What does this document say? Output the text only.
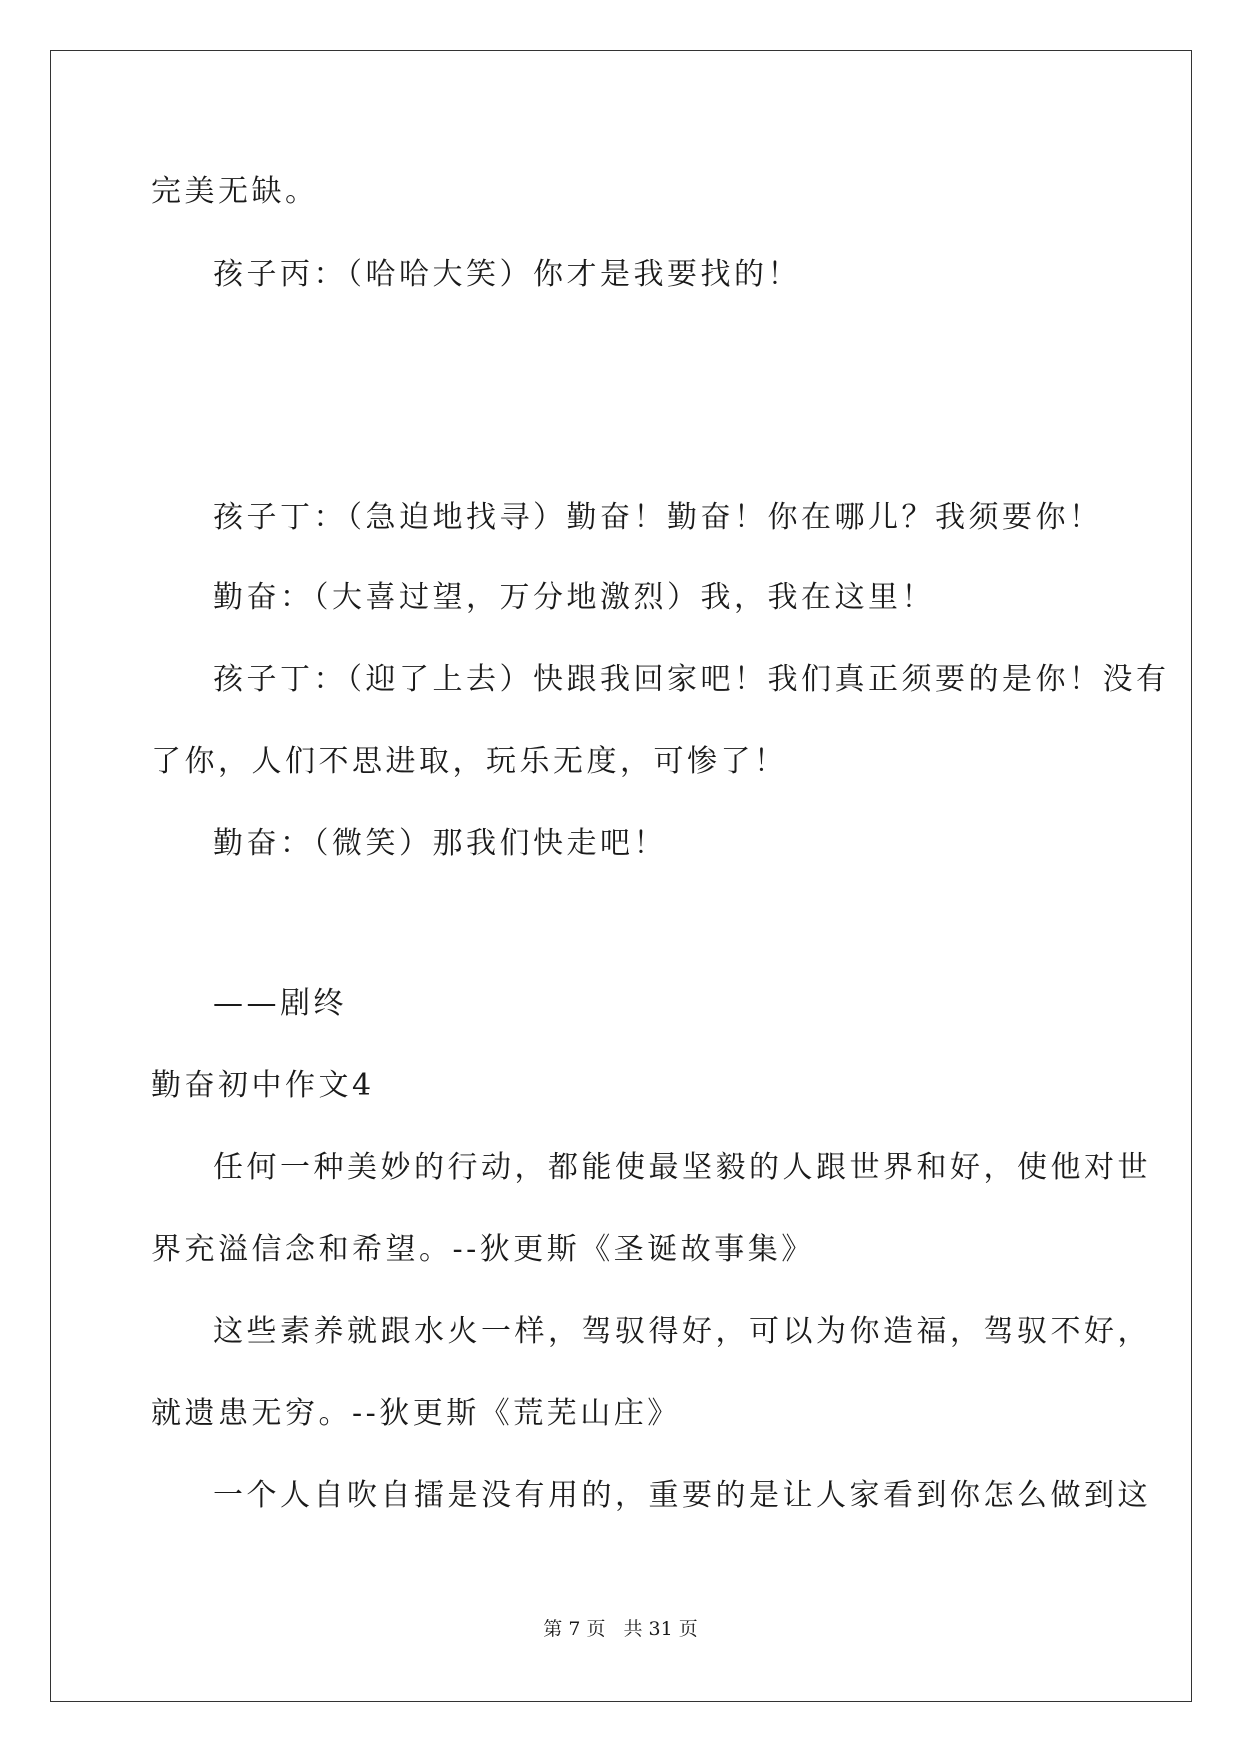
完美无缺。
孩子丙：（哈哈大笑）你才是我要找的！
孩子丁：（急迫地找寻）勤奋！勤奋！你在哪儿？我须要你！
勤奋：（大喜过望，万分地激烈）我，我在这里！
孩子丁：（迎了上去）快跟我回家吧！我们真正须要的是你！没有
了你，人们不思进取，玩乐无度，可惨了！
勤奋：（微笑）那我们快走吧！
——剧终
勤奋初中作文4
任何一种美妙的行动，都能使最坚毅的人跟世界和好，使他对世
界充溢信念和希望。--狄更斯《圣诞故事集》
这些素养就跟水火一样，驾驭得好，可以为你造福，驾驭不好，
就遗患无穷。--狄更斯《荒芜山庄》
一个人自吹自擂是没有用的，重要的是让人家看到你怎么做到这
第 7 页 共 31 页
